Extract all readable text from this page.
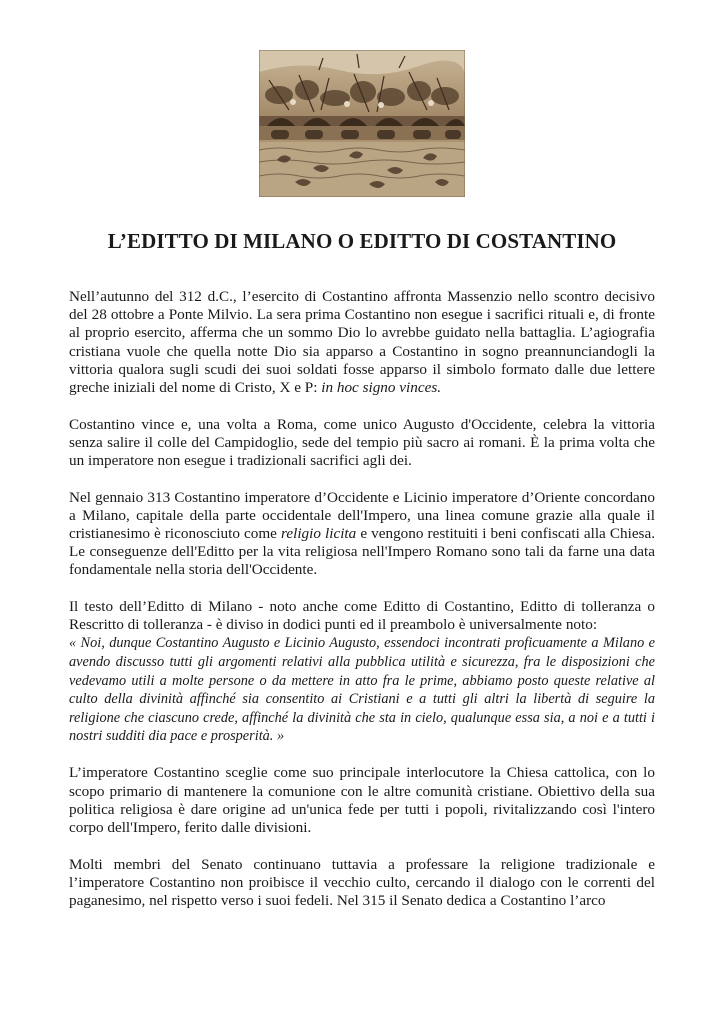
L’EDITTO DI MILANO O EDITTO DI COSTANTINO

Nell’autunno del 312 d.C., l’esercito di Costantino affronta Massenzio nello scontro decisivo del 28 ottobre a Ponte Milvio. La sera prima Costantino non esegue i sacrifici rituali e, di fronte al proprio esercito, afferma che un sommo Dio lo avrebbe guidato nella battaglia. L’agiografia cristiana vuole che quella notte Dio sia apparso a Costantino in sogno preannunciandogli la vittoria qualora sugli scudi dei suoi soldati fosse apparso il simbolo formato dalle due lettere greche iniziali del nome di Cristo, X e P: in hoc signo vinces.

Costantino vince e, una volta a Roma, come unico Augusto d'Occidente, celebra la vittoria senza salire il colle del Campidoglio, sede del tempio più sacro ai romani. È la prima volta che un imperatore non esegue i tradizionali sacrifici agli dei.

Nel gennaio 313 Costantino imperatore d’Occidente e Licinio imperatore d’Oriente concordano a Milano, capitale della parte occidentale dell'Impero, una linea comune grazie alla quale il cristianesimo è riconosciuto come religio licita e vengono restituiti i beni confiscati alla Chiesa. Le conseguenze dell'Editto per la vita religiosa nell'Impero Romano sono tali da farne una data fondamentale nella storia dell'Occidente.

Il testo dell’Editto di Milano - noto anche come Editto di Costantino, Editto di tolleranza o Rescritto di tolleranza - è diviso in dodici punti ed il preambolo è universalmente noto:
« Noi, dunque Costantino Augusto e Licinio Augusto, essendoci incontrati proficuamente a Milano e avendo discusso tutti gli argomenti relativi alla pubblica utilità e sicurezza, fra le disposizioni che vedevamo utili a molte persone o da mettere in atto fra le prime, abbiamo posto queste relative al culto della divinità affinché sia consentito ai Cristiani e a tutti gli altri la libertà di seguire la religione che ciascuno crede, affinché la divinità che sta in cielo, qualunque essa sia, a noi e a tutti i nostri sudditi dia pace e prosperità. »

L’imperatore Costantino sceglie come suo principale interlocutore la Chiesa cattolica, con lo scopo primario di mantenere la comunione con le altre comunità cristiane. Obiettivo della sua politica religiosa è dare origine ad un'unica fede per tutti i popoli, rivitalizzando così l'intero corpo dell'Impero, ferito dalle divisioni.

Molti membri del Senato continuano tuttavia a professare la religione tradizionale e l’imperatore Costantino non proibisce il vecchio culto, cercando il dialogo con le correnti del paganesimo, nel rispetto verso i suoi fedeli. Nel 315 il Senato dedica a Costantino l’arco
